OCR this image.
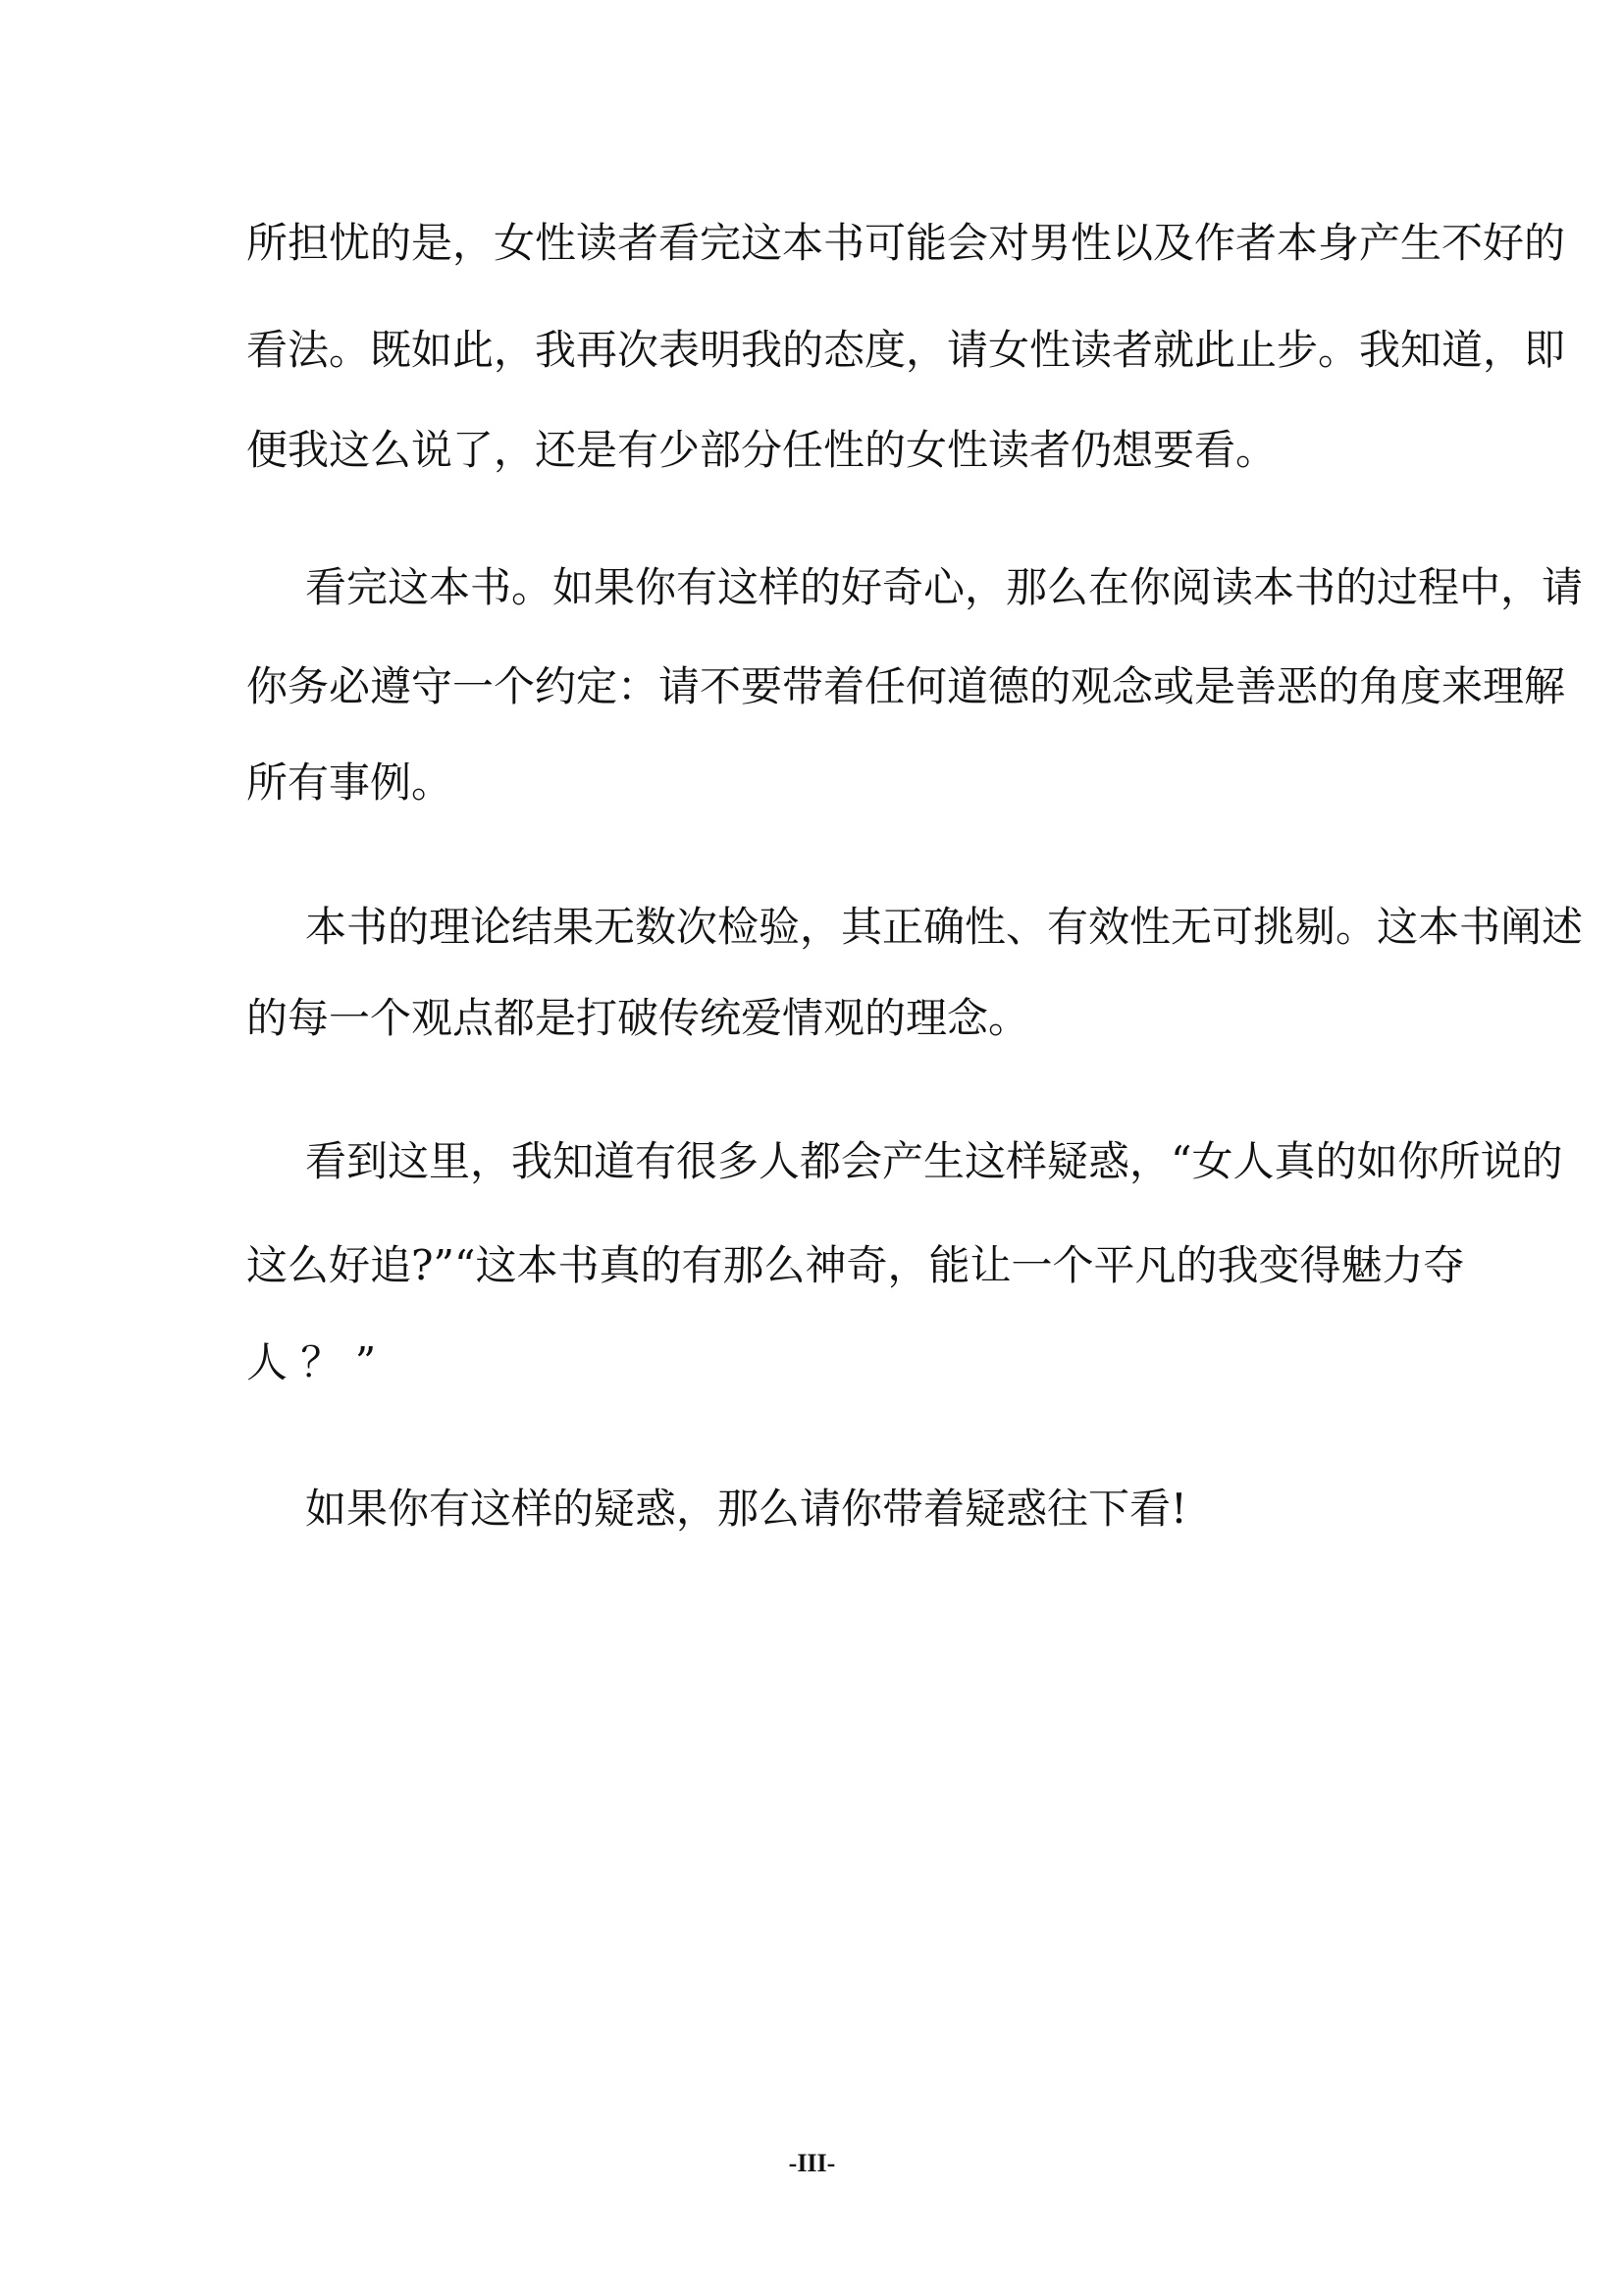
所担忧的是，女性读者看完这本书可能会对男性以及作者本身产生不好的
看法。既如此，我再次表明我的态度，请女性读者就此止步。我知道，即
便我这么说了，还是有少部分任性的女性读者仍想要看。
看完这本书。如果你有这样的好奇心，那么在你阅读本书的过程中，请
你务必遵守一个约定：请不要带着任何道德的观念或是善恶的角度来理解
所有事例。
本书的理论结果无数次检验，其正确性、有效性无可挑剔。这本书阐述
的每一个观点都是打破传统爱情观的理念。
看到这里，我知道有很多人都会产生这样疑惑，“女人真的如你所说的
这么好追?”“这本书真的有那么神奇，能让一个平凡的我变得魅力夺
人 ？ ”
如果你有这样的疑惑，那么请你带着疑惑往下看!
-III-
